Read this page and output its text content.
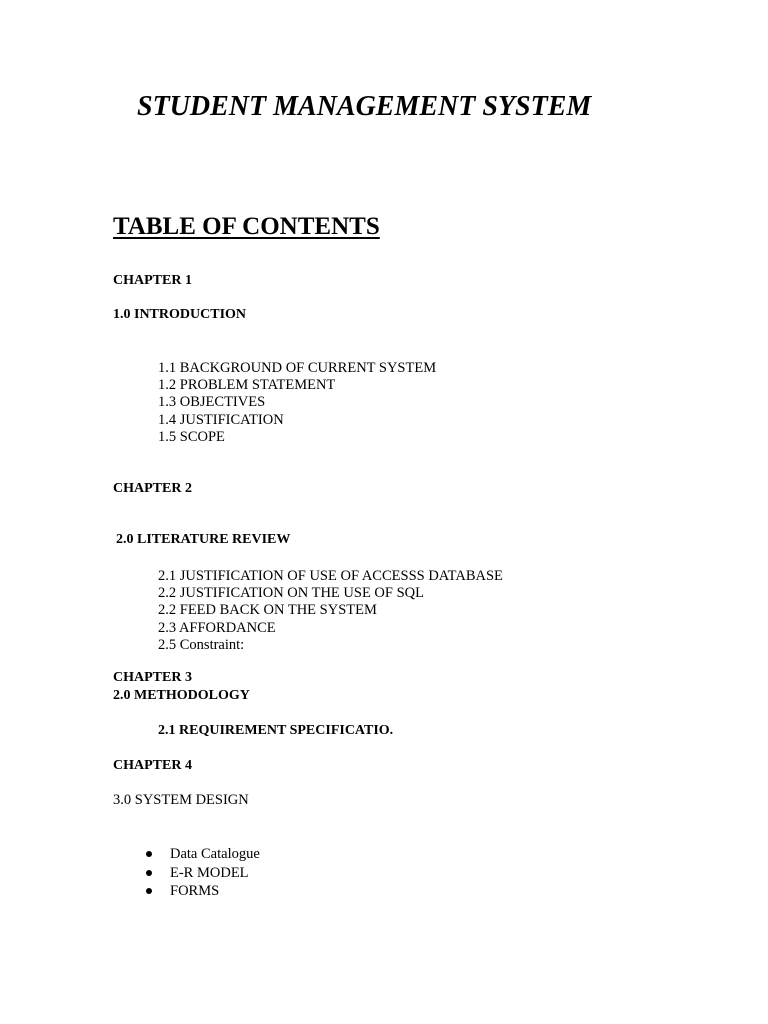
STUDENT MANAGEMENT SYSTEM
TABLE OF CONTENTS
CHAPTER 1
1.0 INTRODUCTION
1.1 BACKGROUND OF CURRENT SYSTEM
1.2 PROBLEM STATEMENT
1.3 OBJECTIVES
1.4 JUSTIFICATION
1.5 SCOPE
CHAPTER 2
2.0 LITERATURE REVIEW
2.1 JUSTIFICATION OF USE OF ACCESSS DATABASE
2.2 JUSTIFICATION ON THE USE OF SQL
2.2 FEED BACK ON THE SYSTEM
2.3 AFFORDANCE
2.5 Constraint:
CHAPTER 3
2.0 METHODOLOGY
2.1 REQUIREMENT SPECIFICATIO.
CHAPTER 4
3.0 SYSTEM DESIGN
Data Catalogue
E-R MODEL
FORMS
